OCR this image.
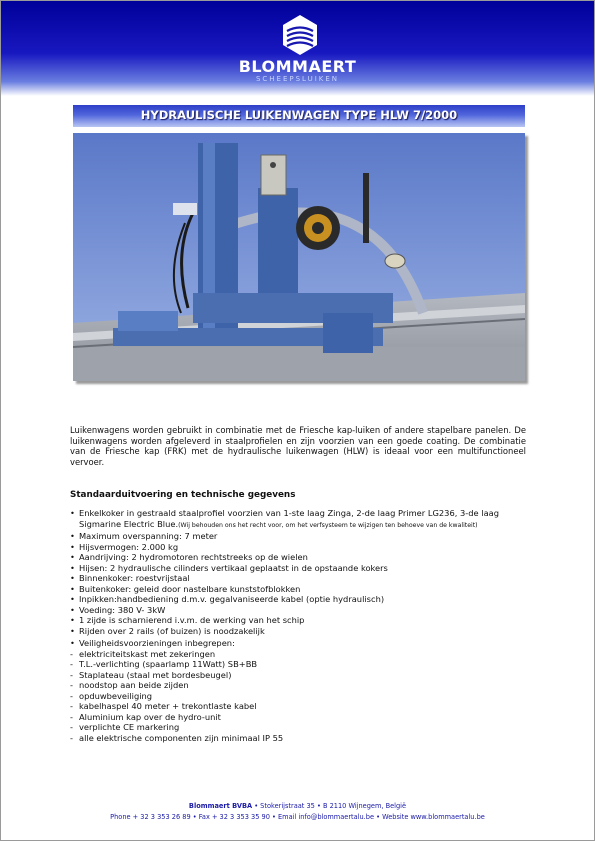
BLOMMAERT
SCHEEPSLUIKEN
HYDRAULISCHE LUIKENWAGEN TYPE HLW 7/2000
Luikenwagens worden gebruikt in combinatie met de Friesche kap-luiken of andere stapelbare panelen. De luikenwagens worden afgeleverd in staalprofielen en zijn voorzien van een goede coating. De combinatie van de Friesche kap (FRK) met de hydraulische luikenwagen (HLW) is ideaal voor een multifunctioneel vervoer.
Standaarduitvoering en technische gegevens
• Enkelkoker in gestraald staalprofiel voorzien van 1-ste laag Zinga, 2-de laag Primer LG236, 3-de laag Sigmarine Electric Blue.(Wij behouden ons het recht voor, om het verfsysteem te wijzigen ten behoeve van de kwaliteit)
• Maximum overspanning: 7 meter
• Hijsvermogen: 2.000 kg
• Aandrijving: 2 hydromotoren rechtstreeks op de wielen
• Hijsen: 2 hydraulische cilinders vertikaal geplaatst in de opstaande kokers
• Binnenkoker: roestvrijstaal
• Buitenkoker: geleid door nastelbare kunststofblokken
• Inpikken:handbediening d.m.v. gegalvaniseerde kabel (optie hydraulisch)
• Voeding: 380 V- 3kW
• 1 zijde is scharnierend i.v.m. de werking van het schip
• Rijden over 2 rails (of buizen) is noodzakelijk
• Veiligheidsvoorzieningen inbegrepen:
- elektriciteitskast met zekeringen
- T.L.-verlichting (spaarlamp 11Watt) SB+BB
- Staplateau (staal met bordesbeugel)
- noodstop aan beide zijden
- opduwbeveiliging
- kabelhaspel 40 meter + trekontlaste kabel
- Aluminium kap over de hydro-unit
- verplichte CE markering
- alle elektrische componenten zijn minimaal IP 55
Blommaert BVBA • Stokerijstraat 35 • B 2110 Wijnegem, België
Phone + 32 3 353 26 89 • Fax + 32 3 353 35 90 • Email info@blommaertalu.be • Website www.blommaertalu.be
